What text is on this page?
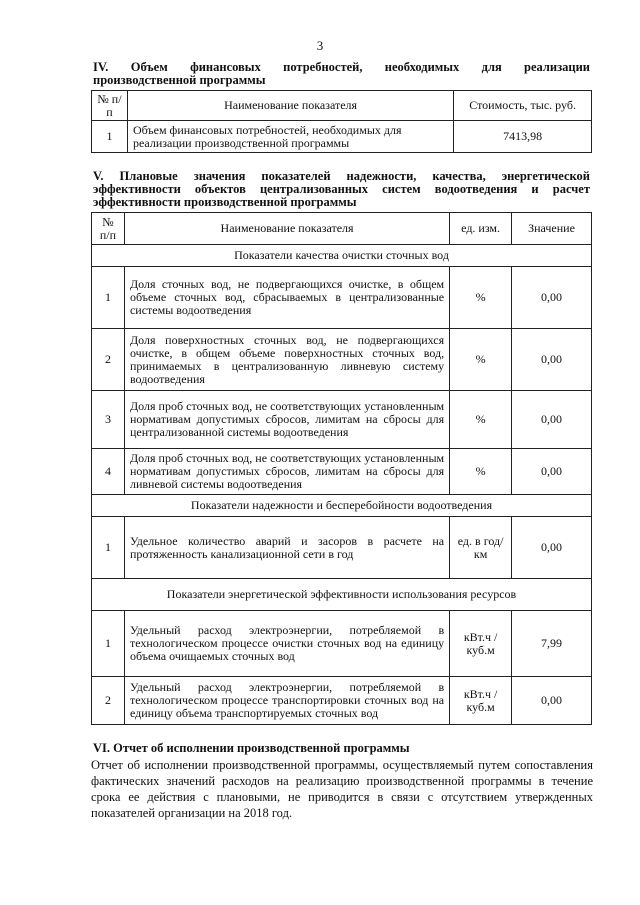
3
IV. Объем финансовых потребностей, необходимых для реализации
производственной программы
№ п/п	Наименование показателя	Стоимость, тыс. руб.
1	Объем финансовых потребностей, необходимых для реализации производственной программы	7413,98
V. Плановые значения показателей надежности, качества, энергетической
эффективности объектов централизованных систем водоотведения и расчет
эффективности производственной программы
№ п/п	Наименование показателя	ед. изм.	Значение
Показатели качества очистки сточных вод			
1	Доля сточных вод, не подвергающихся очистке, в общем объеме сточных вод, сбрасываемых в централизованные системы водоотведения	%	0,00
2	Доля поверхностных сточных вод, не подвергающихся очистке, в общем объеме поверхностных сточных вод, принимаемых в централизованную ливневую систему водоотведения	%	0,00
3	Доля проб сточных вод, не соответствующих установленным нормативам допустимых сбросов, лимитам на сбросы для централизованной системы водоотведения	%	0,00
4	Доля проб сточных вод, не соответствующих установленным нормативам допустимых сбросов, лимитам на сбросы для ливневой системы водоотведения	%	0,00
Показатели надежности и бесперебойности водоотведения			
1	Удельное количество аварий и засоров в расчете на протяженность канализационной сети в год	ед. в год/ км	0,00
Показатели энергетической эффективности использования ресурсов			
1	Удельный расход электроэнергии, потребляемой в технологическом процессе очистки сточных вод на единицу объема очищаемых сточных вод	кВт.ч / куб.м	7,99
2	Удельный расход электроэнергии, потребляемой в технологическом процессе транспортировки сточных вод на единицу объема транспортируемых сточных вод	кВт.ч / куб.м	0,00
VI. Отчет об исполнении производственной программы
Отчет об исполнении производственной программы, осуществляемый путем сопоставления фактических значений расходов на реализацию производственной программы в течение срока ее действия с плановыми, не приводится в связи с отсутствием утвержденных показателей организации на 2018 год.
